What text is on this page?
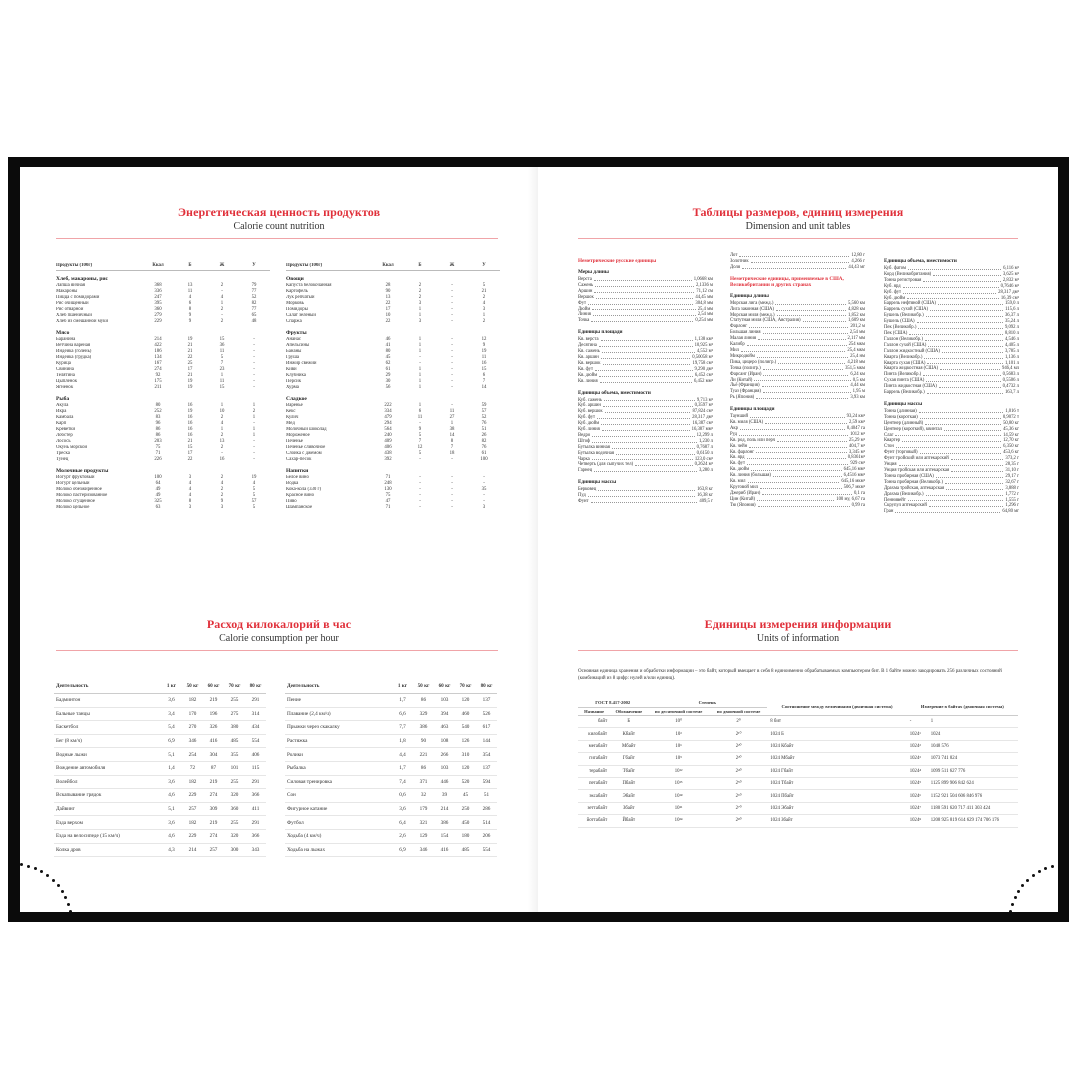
Энергетическая ценность продуктов
Calorie count nutrition
Продукты (100г)	Ккал	Б	Ж	У
Хлеб, макароны, рис
Лапша яичная	368	13	2	79
Макароны	336	11	-	77
Пицца с помидорами	247	4	4	52
Рис очищенный	395	6	1	82
Рис отварной	360	8	2	77
Хлеб пшеничный	279	9	-	65
Хлеб из смешанной муки	229	9	2	48
Мясо
Баранина	214	19	15	-
Ветчина вареная	422	21	36	-
Индейка (голень)	186	21	11	-
Индейка (грудка)	134	22	5	-
Курица	167	25	7	-
Свинина	274	17	23	-
Телятина	92	21	1	-
Цыплёнок	175	19	11	-
Ягнёнок	211	19	15	-
Рыба
Акула	80	16	1	1
Икра	252	19	10	2
Камбала	83	16	2	1
Карп	96	16	4	-
Креветки	86	16	1	1
Лобстер	86	16	2	1
Лосось	203	21	13	-
Окунь морской	75	15	2	-
Треска	71	17	-	-
Тунец	226	22	16	-
Молочные продукты
Йогурт фруктовый	100	3	2	19
Йогурт цельный	64	4	4	4
Молоко обезжиренное	49	4	2	5
Молоко пастеризованное	49	4	2	5
Молоко сгущенное	325	8	9	57
Молоко цельное	63	3	3	5
Продукты (100г)	Ккал	Б	Ж	У
Овощи
Капуста белокочанная	28	2	-	5
Картофель	90	2	-	21
Лук репчатый	13	2	-	2
Морковь	22	3	-	4
Помидоры	17	1	-	3
Салат зеленый	10	1	-	1
Спаржа	22	3	-	2
Фрукты
Ананас	46	1	-	12
Апельсины	41	1	-	9
Бананы	80	1	-	19
Груша	45	-	-	11
Инжир свежий	62	-	-	16
Киви	61	1	-	15
Клубника	29	1	-	6
Персик	30	1	-	7
Хурма	56	1	-	14
Сладкое
Варенье	222	1	-	59
Кекс	334	6	11	57
Кулич	479	11	27	52
Мёд	294	-	1	76
Молочный шоколад	564	9	38	51
Мороженое	240	5	14	26
Печенье	409	7	8	82
Печенье сливочное	406	12	7	76
Слойка с джемом	438	5	18	61
Сахар-песок	392	-	-	100
Напитки
Белое вино	71	-	-	-
Водка	248	-	-	-
Кока-кола (330 г)	130	-	-	35
Красное вино	75	-	-	-
Пиво	47	-	-	-
Шампанское	71	-	-	3
Расход килокалорий в час
Calorie consumption per hour
Деятельность	1 кг	50 кг	60 кг	70 кг	80 кг
Бадминтон	3,6	182	219	255	291
Бальные танцы	3,4	170	196	275	314
Баскетбол	5,4	270	326	380	434
Бег (8 км/ч)	6,9	346	416	485	554
Водные лыжи	5,1	254	304	355	406
Вождение автомобиля	1,4	72	87	101	115
Волейбол	3,6	182	219	255	291
Вскапывание грядок	4,6	229	274	320	366
Дайвинг	5,1	257	309	360	411
Езда верхом	3,6	182	219	255	291
Езда на велосипеде (15 км/ч)	4,6	229	274	320	366
Колка дров	4,3	214	257	300	343
Деятельность	1 кг	50 кг	60 кг	70 кг	80 кг
Пение	1,7	86	103	120	137
Плавание (2,4 км/ч)	6,6	329	394	460	526
Прыжки через скакалку	7,7	386	463	540	617
Растяжка	1,8	90	108	126	144
Ролики	4,4	221	266	310	354
Рыбалка	1,7	86	103	120	137
Силовая тренировка	7,4	371	446	520	594
Сон	0,6	32	39	45	51
Фигурное катание	3,6	179	214	250	286
Футбол	6,4	321	386	450	514
Ходьба (4 км/ч)	2,6	129	154	180	206
Ходьба на лыжах	6,9	346	416	485	554
Таблицы размеров, единиц измерения
Dimension and unit tables
Неметрические русские единицы
Меры длины
Верста	1,0668 км
Сажень	2,1336 м
Аршин	71,12 см
Вершок	44,45 мм
Фут	304,8 мм
Дюйм	25,4 мм
Линия	2,54 мм
Точка	0,254 мм
Единицы площади
Кв. верста	1,138 км²
Десятина	10,925 м²
Кв. сажень	4,552 м²
Кв. аршин	0,50058 м²
Кв. вершок	19,758 см²
Кв. фут	9,290 дм²
Кв. дюйм	6,452 см²
Кв. линия	6,452 мм²
Единицы объема, вместимости
Куб. сажень	9,713 м³
Куб. аршин	0,3597 м³
Куб. вершок	87,824 см³
Куб. фут	28,317 дм³
Куб. дюйм	16,387 см³
Куб. линия	16,387 мм³
Ведро	12,299 л
Штоф	1,230 л
Бутылка винная	0,7687 л
Бутылка водочная	0,6150 л
Чарка	123,0 см³
Четверть (для сыпучих тел)	0,2624 м³
Гарнец	3,280 л
Единицы массы
Берковец	163,8 кг
Пуд	16,38 кг
Фунт	409,5 г
Лот	12,80 г
Золотник	4,266 г
Доля	44,43 мг
Неметрические единицы, применяемые в США, Великобритании и других странах
Единицы длины
Морская лига (межд.)	5,560 км
Лига законная (США)	4,828 км
Морская миля (межд.)	1,852 км
Статутная миля (США, Австралия)	1,609 км
Фарлонг	201,2 м
Большая линия	2,54 мм
Малая линия	2,117 мм
Калибр	254 мкм
Мил	25,4 мкм
Микродюйм	25,4 нм
Пика, цицеро (полигр.)	4,218 мм
Точка (полигр.)	351,5 мкм
Фарсанг (Иран)	6,24 км
Ли (Китай)	0,5 км
Льё (Франция)	4,44 км
Туаз (Франция)	1,95 м
Рь (Япония)	3,93 км
Единицы площади
Таунший	93,24 км²
Кв. миля (США)	2,59 км²
Акр	0,4047 га
Руд	1012 м²
Кв. род, поль или перч	25,29 м²
Кв. чейн	404,7 м²
Кв. фарлонг	3,345 м²
Кв. ярд	0,8361м²
Кв. фут	929 см²
Кв. дюйм	645,16 мм²
Кв. линия (большая)	6,4516 мм²
Кв. мил	645,16 мкм²
Круговой мил	506,7 мкм²
Джериб (Иран)	0,1 га
Цин (Китай)	100 му, 6,67 га
Тю (Япония)	0,99 га
Единицы объема, вместимости
Куб. фатом	6,116 м³
Корд (Великобритания)	3,625 м³
Тонна регистровая	2,832 м³
Куб. ярд	0,7646 м³
Куб. фут	28,317 дм³
Куб. дюйм	16,39 см³
Баррель нефтяной (США)	159,0 л
Баррель сухой (США)	115,6 л
Бушель (Великобр.)	36,37 л
Бушель (США)	35,24 л
Пек (Великобр.)	9,092 л
Пек (США)	8,810 л
Галлон (Великобр.)	4,546 л
Галлон сухой (США)	4,405 л
Галлон жидкостный (США)	3,785 л
Кварта (Великобр.)	1,136 л
Кварта сухая (США)	1,101 л
Кварта жидкостная (США)	946,4 мл
Пинта (Великобр.)	0,5683 л
Сухая пинта (США)	0,5506 л
Пинта жидкостная (США)	0,4732 л
Баррель (Великобр.)	163,7 л
Единицы массы
Тонна (длинная)	1,016 т
Тонна (короткая)	0,9072 т
Центнер (длинный)	50,80 кг
Центнер (короткий), квинтал	45,36 кг
Слаг	14,59 кг
Квартер	12,70 кг
Стон	6,350 кг
Фунт (торговый)	453,6 кг
Фунт тройский или аптекарский	373,2 г
Унция	28,35 г
Унция тройская или аптекарская	31,10 г
Тонна пробирная (США)	29,17 г
Тонна пробирная (Великобр.)	32,67 г
Драхма тройская, аптекарская	3,888 г
Драхма (Великобр.)	1,772 г
Пеннивейт	1,555 г
Скрупул аптекарский	1,296 г
Гран	64,80 мг
Единицы измерения информации
Units of information
Основная единица хранения и обработки информации – это байт, который вмещает в себя 8 единоименно обрабатываемых компьютером бит. В 1 байте можно закодировать 256 различных состояний (комбинаций из 8 цифр: нулей и/или единиц).
ГОСТ 8.417-2002		Степень		Соотношение между величинами (двоичная система)	Измерение в байтах (двоичная система)	
Название	Обозначение	по десятичной системе	по двоичной системе			
байт	Б	10⁰	2⁰	8 бит	-	1
килобайт	Кбайт	10³	2¹⁰	1024 Б	1024¹	1024
мегабайт	Мбайт	10⁶	2²⁰	1024 Кбайт	1024²	1048 576
гигабайт	Гбайт	10⁹	2³⁰	1024 Мбайт	1024³	1073 741 824
терабайт	Тбайт	10¹²	2⁴⁰	1024 Гбайт	1024⁴	1099 511 627 776
петабайт	Пбайт	10¹⁵	2⁵⁰	1024 Тбайт	1024⁵	1125 899 906 842 624
эксабайт	Эбайт	10¹⁸	2⁶⁰	1024 Пбайт	1024⁶	1152 921 504 606 846 976
зеттабайт	Збайт	10²¹	2⁷⁰	1024 Эбайт	1024⁷	1180 591 620 717 411 303 424
йоттабайт	Йбайт	10²⁴	2⁸⁰	1024 Збайт	1024⁸	1208 925 819 614 629 174 706 176
